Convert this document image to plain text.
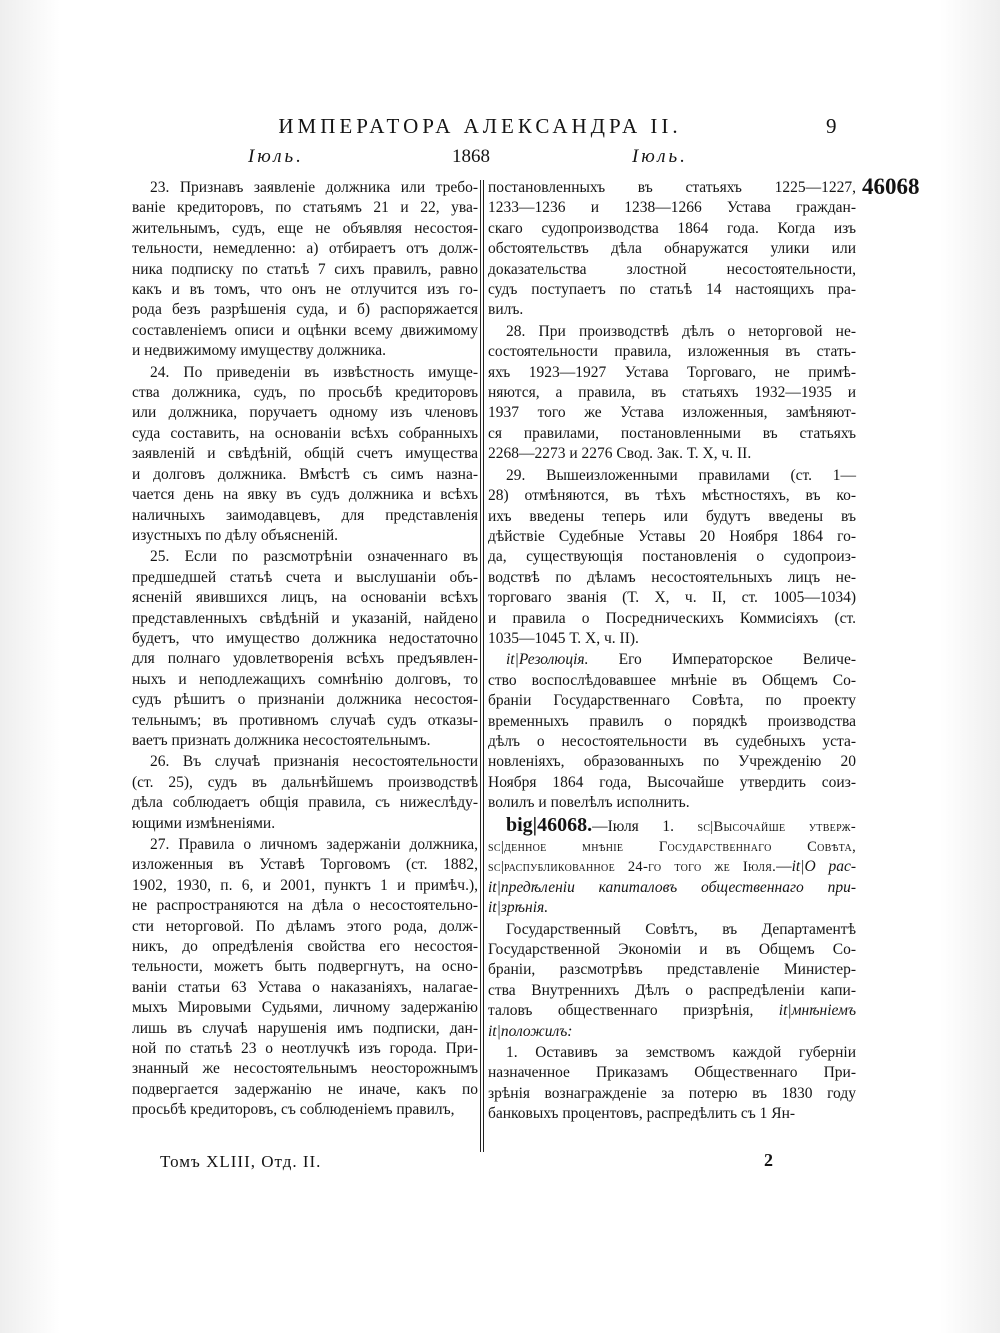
ИМПЕРАТОРА АЛЕКСАНДРА II.	9
Іюль.	1868	Іюль.
23. Признавъ заявленіе должника или требо-
ваніе кредиторовъ, по статьямъ 21 и 22, ува-
жительнымъ, судъ, еще не объявляя несостоя-
тельности, немедленно: а) отбираетъ отъ долж-
ника подписку по статьѣ 7 сихъ правилъ, равно
какъ и въ томъ, что онъ не отлучится изъ го-
рода безъ разрѣшенія суда, и б) распоряжается
составленіемъ описи и оцѣнки всему движимому
и недвижимому имуществу должника.
24. По приведеніи въ извѣстность имуще-
ства должника, судъ, по просьбѣ кредиторовъ
или должника, поручаетъ одному изъ членовъ
суда составить, на основаніи всѣхъ собранныхъ
заявленій и свѣдѣній, общій счетъ имущества
и долговъ должника. Вмѣстѣ съ симъ назна-
чается день на явку въ судъ должника и всѣхъ
наличныхъ заимодавцевъ, для представленія
изустныхъ по дѣлу объясненій.
25. Если по разсмотрѣніи означеннаго въ
предшедшей статьѣ счета и выслушаніи объ-
ясненій явившихся лицъ, на основаніи всѣхъ
представленныхъ свѣдѣній и указаній, найдено
будетъ, что имущество должника недостаточно
для полнаго удовлетворенія всѣхъ предъявлен-
ныхъ и неподлежащихъ сомнѣнію долговъ, то
судъ рѣшитъ о признаніи должника несостоя-
тельнымъ; въ противномъ случаѣ судъ отказы-
ваетъ признать должника несостоятельнымъ.
26. Въ случаѣ признанія несостоятельности
(ст. 25), судъ въ дальнѣйшемъ производствѣ
дѣла соблюдаетъ общія правила, съ нижеслѣду-
ющими измѣненіями.
27. Правила о личномъ задержаніи должника,
изложенныя въ Уставѣ Торговомъ (ст. 1882,
1902, 1930, п. 6, и 2001, пунктъ 1 и примѣч.),
не распространяются на дѣла о несостоятельно-
сти неторговой. По дѣламъ этого рода, долж-
никъ, до опредѣленія свойства его несостоя-
тельности, можетъ быть подвергнутъ, на осно-
ваніи статьи 63 Устава о наказаніяхъ, налагае-
мыхъ Мировыми Судьями, личному задержанію
лишь въ случаѣ нарушенія имъ подписки, дан-
ной по статьѣ 23 о неотлучкѣ изъ города. При-
знанный же несостоятельнымъ неосторожнымъ
подвергается задержанію не иначе, какъ по
просьбѣ кредиторовъ, съ соблюденіемъ правилъ,
постановленныхъ въ статьяхъ 1225—1227,
1233—1236 и 1238—1266 Устава граждан-
скаго судопроизводства 1864 года. Когда изъ
обстоятельствъ дѣла обнаружатся улики или
доказательства злостной несостоятельности,
судъ поступаетъ по статьѣ 14 настоящихъ пра-
вилъ.
28. При производствѣ дѣлъ о неторговой не-
состоятельности правила, изложенныя въ стать-
яхъ 1923—1927 Устава Торговаго, не примѣ-
няются, а правила, въ статьяхъ 1932—1935 и
1937 того же Устава изложенныя, замѣняют-
ся правилами, постановленными въ статьяхъ
2268—2273 и 2276 Свод. Зак. Т. X, ч. II.
29. Вышеизложенными правилами (ст. 1—
28) отмѣняются, въ тѣхъ мѣстностяхъ, въ ко-
ихъ введены теперь или будутъ введены въ
дѣйствіе Судебные Уставы 20 Ноября 1864 го-
да, существующія постановленія о судопроиз-
водствѣ по дѣламъ несостоятельныхъ лицъ не-
торговаго званія (Т. X, ч. II, ст. 1005—1034)
и правила о Посредническихъ Коммисіяхъ (ст.
1035—1045 Т. X, ч. II).
it|Резолюція. Его Императорское Величе-
ство воспослѣдовавшее мнѣніе въ Общемъ Со-
браніи Государственнаго Совѣта, по проекту
временныхъ правилъ о порядкѣ производства
дѣлъ о несостоятельности въ судебныхъ уста-
новленіяхъ, образованныхъ по Учрежденію 20
Ноября 1864 года, Высочайше утвердить соиз-
волилъ и повелѣлъ исполнить.
big|46068.—Іюля 1. sc|Высочайше утверж-
sc|денное мнѣніе Государственнаго Совѣта,
sc|распубликованное 24-го того же Іюля.—it|О рас-
it|предѣленіи капиталовъ общественнаго при-
it|зрѣнія.
Государственный Совѣтъ, въ Департаментѣ
Государственной Экономіи и въ Общемъ Со-
браніи, разсмотрѣвъ представленіе Министер-
ства Внутреннихъ Дѣлъ о распредѣленіи капи-
таловъ общественнаго призрѣнія, it|мнѣніемъ
it|положилъ:
1. Оставивъ за земствомъ каждой губерніи
назначенное Приказамъ Общественнаго При-
зрѣнія вознагражденіе за потерю въ 1830 году
банковыхъ процентовъ, распредѣлить съ 1 Ян-
46068
Томъ XLIII, Отд. II.	2
